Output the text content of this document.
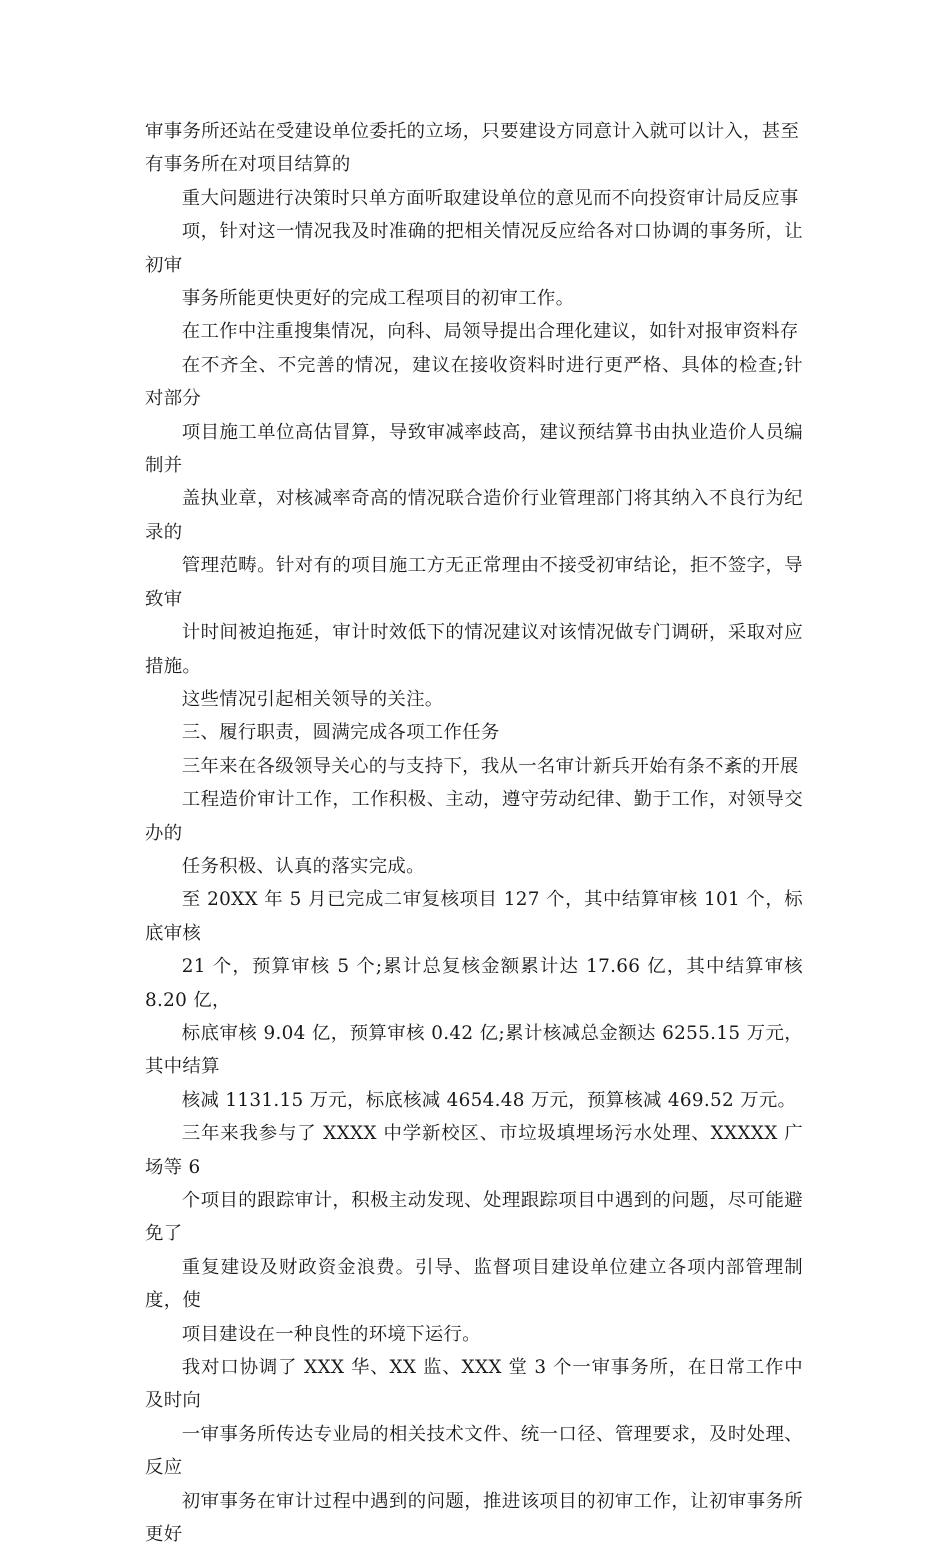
审事务所还站在受建设单位委托的立场，只要建设方同意计入就可以计入，甚至
有事务所在对项目结算的

重大问题进行决策时只单方面听取建设单位的意见而不向投资审计局反应事
项，针对这一情况我及时准确的把相关情况反应给各对口协调的事务所，让初审
事务所能更快更好的完成工程项目的初审工作。

在工作中注重搜集情况，向科、局领导提出合理化建议，如针对报审资料存
在不齐全、不完善的情况，建议在接收资料时进行更严格、具体的检查;针对部分
项目施工单位高估冒算，导致审减率歧高，建议预结算书由执业造价人员编制并
盖执业章，对核减率奇高的情况联合造价行业管理部门将其纳入不良行为纪录的
管理范畴。针对有的项目施工方无正常理由不接受初审结论，拒不签字，导致审
计时间被迫拖延，审计时效低下的情况建议对该情况做专门调研，采取对应措施。
这些情况引起相关领导的关注。

三、履行职责，圆满完成各项工作任务

三年来在各级领导关心的与支持下，我从一名审计新兵开始有条不紊的开展
工程造价审计工作，工作积极、主动，遵守劳动纪律、勤于工作，对领导交办的
任务积极、认真的落实完成。

至 20XX 年 5 月已完成二审复核项目 127 个，其中结算审核 101 个，标底审核
21 个，预算审核 5 个;累计总复核金额累计达 17.66 亿，其中结算审核 8.20 亿，
标底审核 9.04 亿，预算审核 0.42 亿;累计核减总金额达 6255.15 万元，其中结算
核减 1131.15 万元，标底核减 4654.48 万元，预算核减 469.52 万元。

三年来我参与了 XXXX 中学新校区、市垃圾填埋场污水处理、XXXXX 广场等 6
个项目的跟踪审计，积极主动发现、处理跟踪项目中遇到的问题，尽可能避免了
重复建设及财政资金浪费。引导、监督项目建设单位建立各项内部管理制度，使
项目建设在一种良性的环境下运行。

我对口协调了 XXX 华、XX 监、XXX 堂 3 个一审事务所，在日常工作中及时向
一审事务所传达专业局的相关技术文件、统一口径、管理要求，及时处理、反应
初审事务在审计过程中遇到的问题，推进该项目的初审工作，让初审事务所更好
